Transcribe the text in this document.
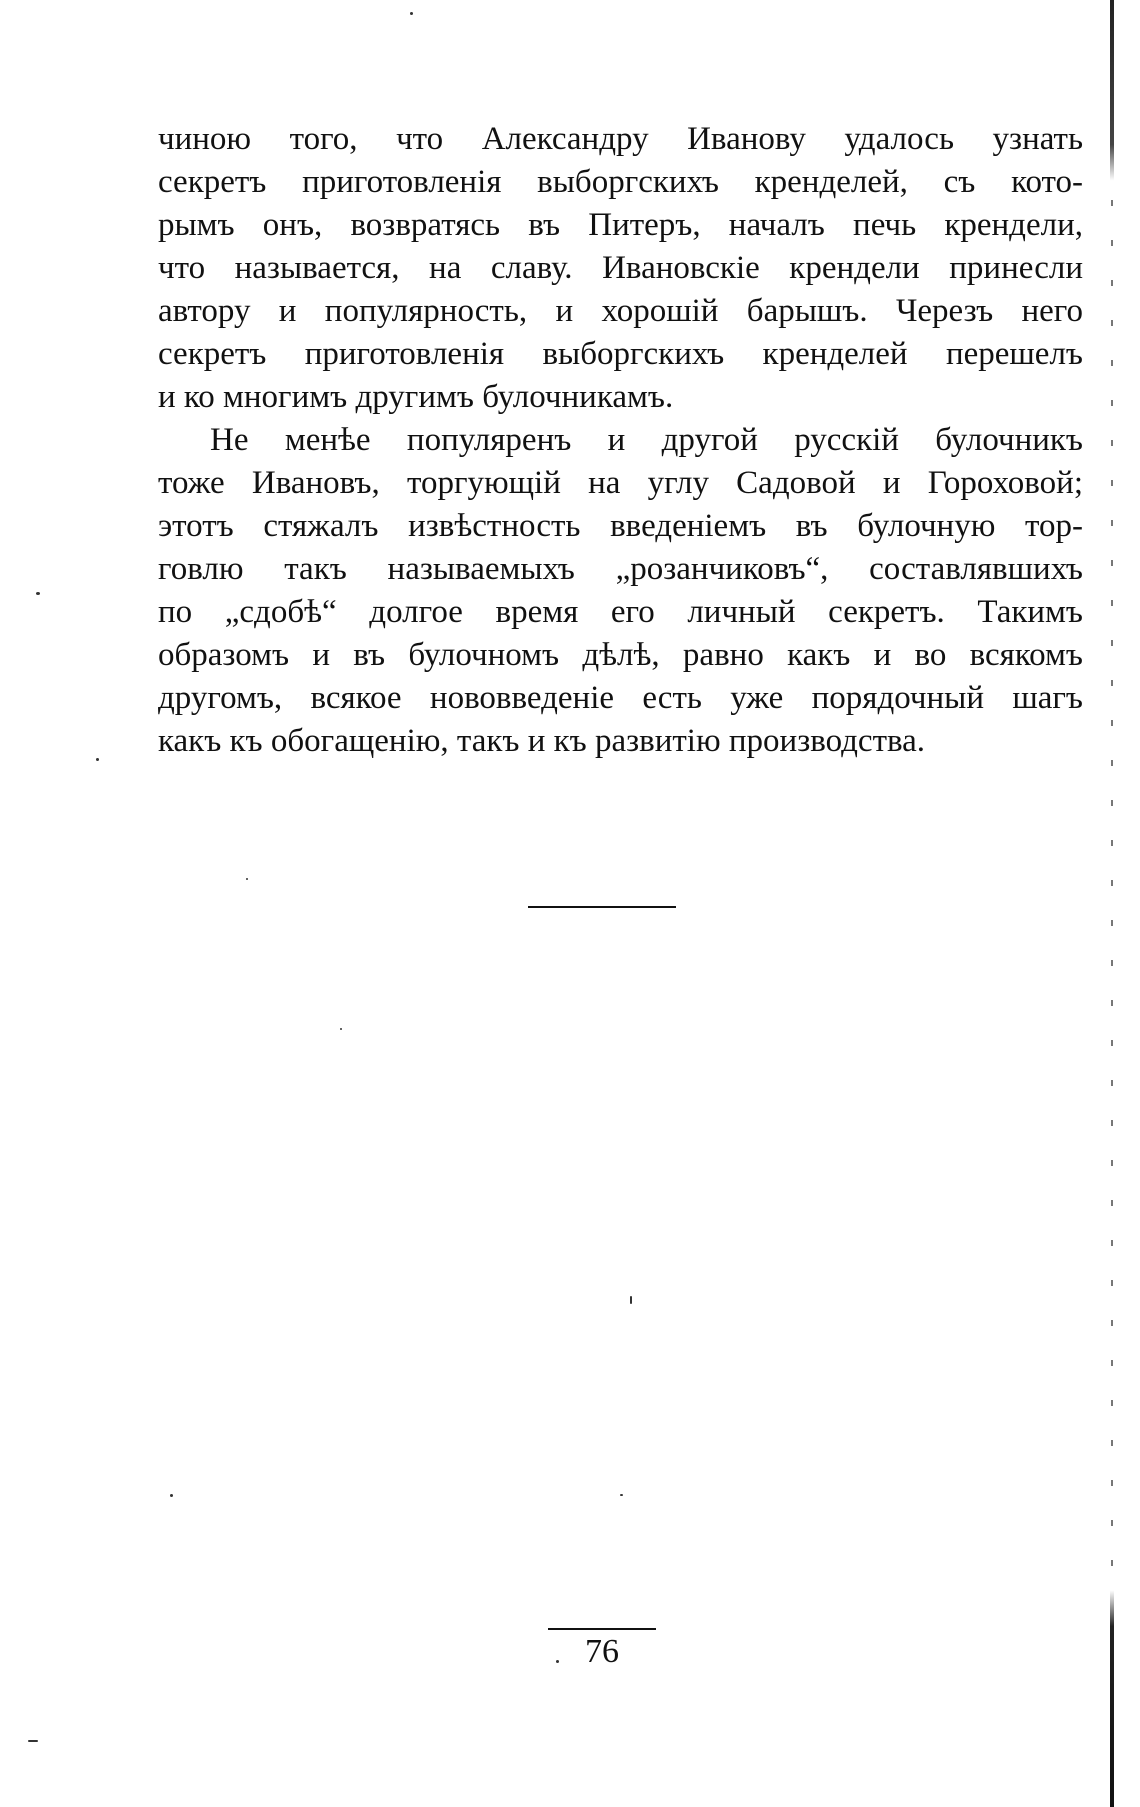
чиною того, что Александру Иванову удалось узнать
секретъ приготовленія выборгскихъ кренделей, съ кото-
рымъ онъ, возвратясь въ Питеръ, началъ печь крендели,
что называется, на славу. Ивановскіе крендели принесли
автору и популярность, и хорошій барышъ. Черезъ него
секретъ приготовленія выборгскихъ кренделей перешелъ
и ко многимъ другимъ булочникамъ.
Не менѣе популяренъ и другой русскій булочникъ
тоже Ивановъ, торгующій на углу Садовой и Гороховой;
этотъ стяжалъ извѣстность введеніемъ въ булочную тор-
говлю такъ называемыхъ „розанчиковъ“, составлявшихъ
по „сдобѣ“ долгое время его личный секретъ. Такимъ
образомъ и въ булочномъ дѣлѣ, равно какъ и во всякомъ
другомъ, всякое нововведеніе есть уже порядочный шагъ
какъ къ обогащенію, такъ и къ развитію производства.
76
